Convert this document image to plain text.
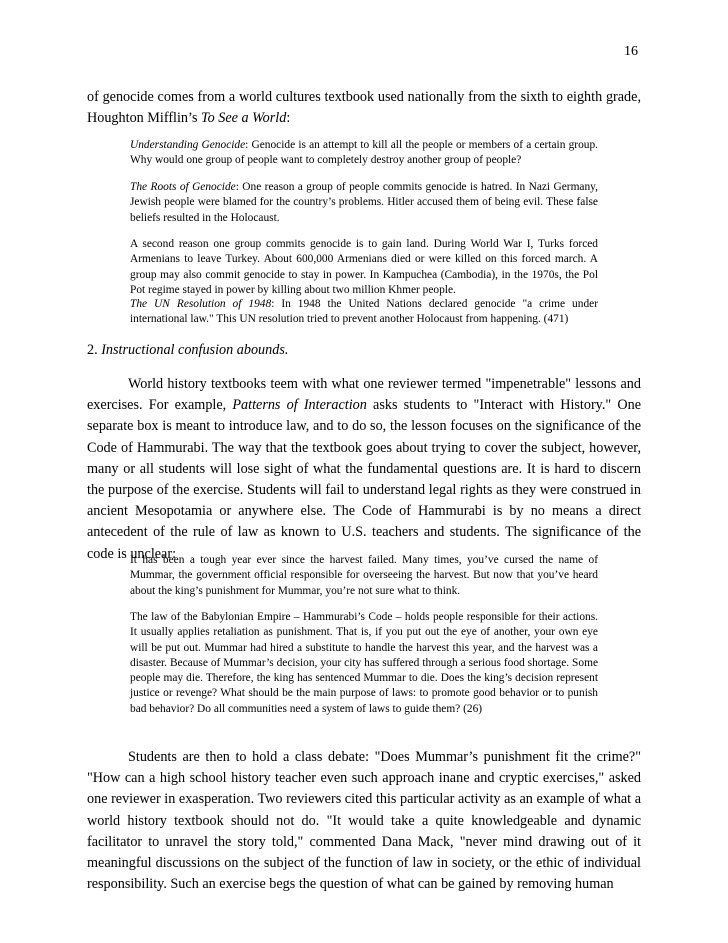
16

of genocide comes from a world cultures textbook used nationally from the sixth to eighth grade, Houghton Mifflin’s To See a World:

Understanding Genocide: Genocide is an attempt to kill all the people or members of a certain group. Why would one group of people want to completely destroy another group of people?

The Roots of Genocide: One reason a group of people commits genocide is hatred. In Nazi Germany, Jewish people were blamed for the country’s problems. Hitler accused them of being evil. These false beliefs resulted in the Holocaust.

A second reason one group commits genocide is to gain land. During World War I, Turks forced Armenians to leave Turkey. About 600,000 Armenians died or were killed on this forced march. A group may also commit genocide to stay in power. In Kampuchea (Cambodia), in the 1970s, the Pol Pot regime stayed in power by killing about two million Khmer people.

The UN Resolution of 1948: In 1948 the United Nations declared genocide "a crime under international law." This UN resolution tried to prevent another Holocaust from happening. (471)

2. Instructional confusion abounds.

World history textbooks teem with what one reviewer termed "impenetrable" lessons and exercises. For example, Patterns of Interaction asks students to "Interact with History." One separate box is meant to introduce law, and to do so, the lesson focuses on the significance of the Code of Hammurabi. The way that the textbook goes about trying to cover the subject, however, many or all students will lose sight of what the fundamental questions are. It is hard to discern the purpose of the exercise. Students will fail to understand legal rights as they were construed in ancient Mesopotamia or anywhere else. The Code of Hammurabi is by no means a direct antecedent of the rule of law as known to U.S. teachers and students. The significance of the code is unclear:

It has been a tough year ever since the harvest failed. Many times, you’ve cursed the name of Mummar, the government official responsible for overseeing the harvest. But now that you’ve heard about the king’s punishment for Mummar, you’re not sure what to think.

The law of the Babylonian Empire – Hammurabi’s Code – holds people responsible for their actions. It usually applies retaliation as punishment. That is, if you put out the eye of another, your own eye will be put out. Mummar had hired a substitute to handle the harvest this year, and the harvest was a disaster. Because of Mummar’s decision, your city has suffered through a serious food shortage. Some people may die. Therefore, the king has sentenced Mummar to die. Does the king’s decision represent justice or revenge? What should be the main purpose of laws: to promote good behavior or to punish bad behavior? Do all communities need a system of laws to guide them? (26)

Students are then to hold a class debate: "Does Mummar’s punishment fit the crime?" "How can a high school history teacher even such approach inane and cryptic exercises," asked one reviewer in exasperation. Two reviewers cited this particular activity as an example of what a world history textbook should not do. "It would take a quite knowledgeable and dynamic facilitator to unravel the story told," commented Dana Mack, "never mind drawing out of it meaningful discussions on the subject of the function of law in society, or the ethic of individual responsibility. Such an exercise begs the question of what can be gained by removing human
